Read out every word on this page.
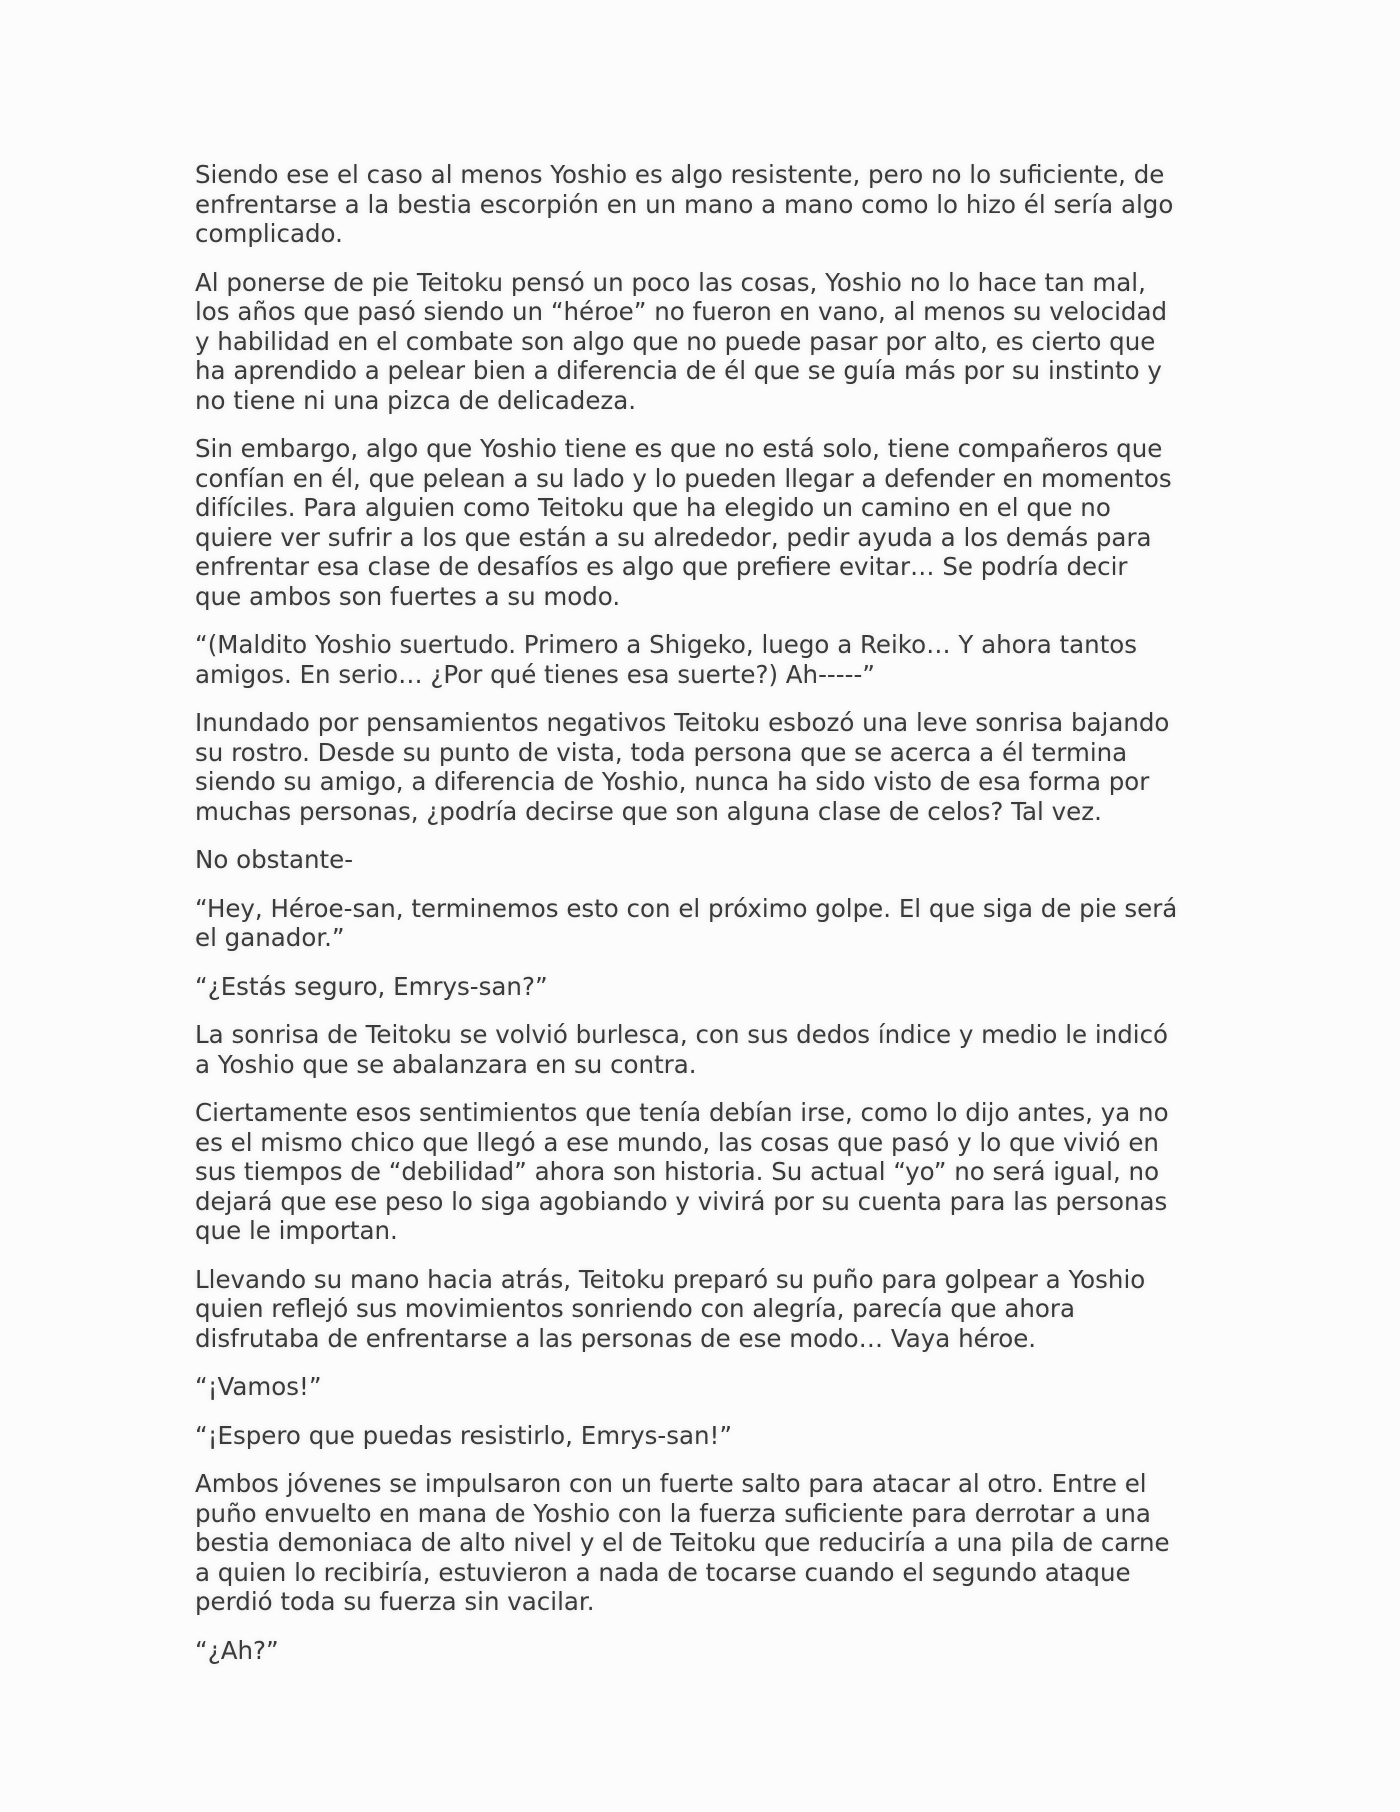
Siendo ese el caso al menos Yoshio es algo resistente, pero no lo suficiente, de
enfrentarse a la bestia escorpión en un mano a mano como lo hizo él sería algo
complicado.

Al ponerse de pie Teitoku pensó un poco las cosas, Yoshio no lo hace tan mal,
los años que pasó siendo un “héroe” no fueron en vano, al menos su velocidad
y habilidad en el combate son algo que no puede pasar por alto, es cierto que
ha aprendido a pelear bien a diferencia de él que se guía más por su instinto y
no tiene ni una pizca de delicadeza.

Sin embargo, algo que Yoshio tiene es que no está solo, tiene compañeros que
confían en él, que pelean a su lado y lo pueden llegar a defender en momentos
difíciles. Para alguien como Teitoku que ha elegido un camino en el que no
quiere ver sufrir a los que están a su alrededor, pedir ayuda a los demás para
enfrentar esa clase de desafíos es algo que prefiere evitar… Se podría decir
que ambos son fuertes a su modo.

“(Maldito Yoshio suertudo. Primero a Shigeko, luego a Reiko… Y ahora tantos
amigos. En serio… ¿Por qué tienes esa suerte?) Ah-----”

Inundado por pensamientos negativos Teitoku esbozó una leve sonrisa bajando
su rostro. Desde su punto de vista, toda persona que se acerca a él termina
siendo su amigo, a diferencia de Yoshio, nunca ha sido visto de esa forma por
muchas personas, ¿podría decirse que son alguna clase de celos? Tal vez.

No obstante-

“Hey, Héroe-san, terminemos esto con el próximo golpe. El que siga de pie será
el ganador.”

“¿Estás seguro, Emrys-san?”

La sonrisa de Teitoku se volvió burlesca, con sus dedos índice y medio le indicó
a Yoshio que se abalanzara en su contra.

Ciertamente esos sentimientos que tenía debían irse, como lo dijo antes, ya no
es el mismo chico que llegó a ese mundo, las cosas que pasó y lo que vivió en
sus tiempos de “debilidad” ahora son historia. Su actual “yo” no será igual, no
dejará que ese peso lo siga agobiando y vivirá por su cuenta para las personas
que le importan.

Llevando su mano hacia atrás, Teitoku preparó su puño para golpear a Yoshio
quien reflejó sus movimientos sonriendo con alegría, parecía que ahora
disfrutaba de enfrentarse a las personas de ese modo… Vaya héroe.

“¡Vamos!”

“¡Espero que puedas resistirlo, Emrys-san!”

Ambos jóvenes se impulsaron con un fuerte salto para atacar al otro. Entre el
puño envuelto en mana de Yoshio con la fuerza suficiente para derrotar a una
bestia demoniaca de alto nivel y el de Teitoku que reduciría a una pila de carne
a quien lo recibiría, estuvieron a nada de tocarse cuando el segundo ataque
perdió toda su fuerza sin vacilar.

“¿Ah?”
